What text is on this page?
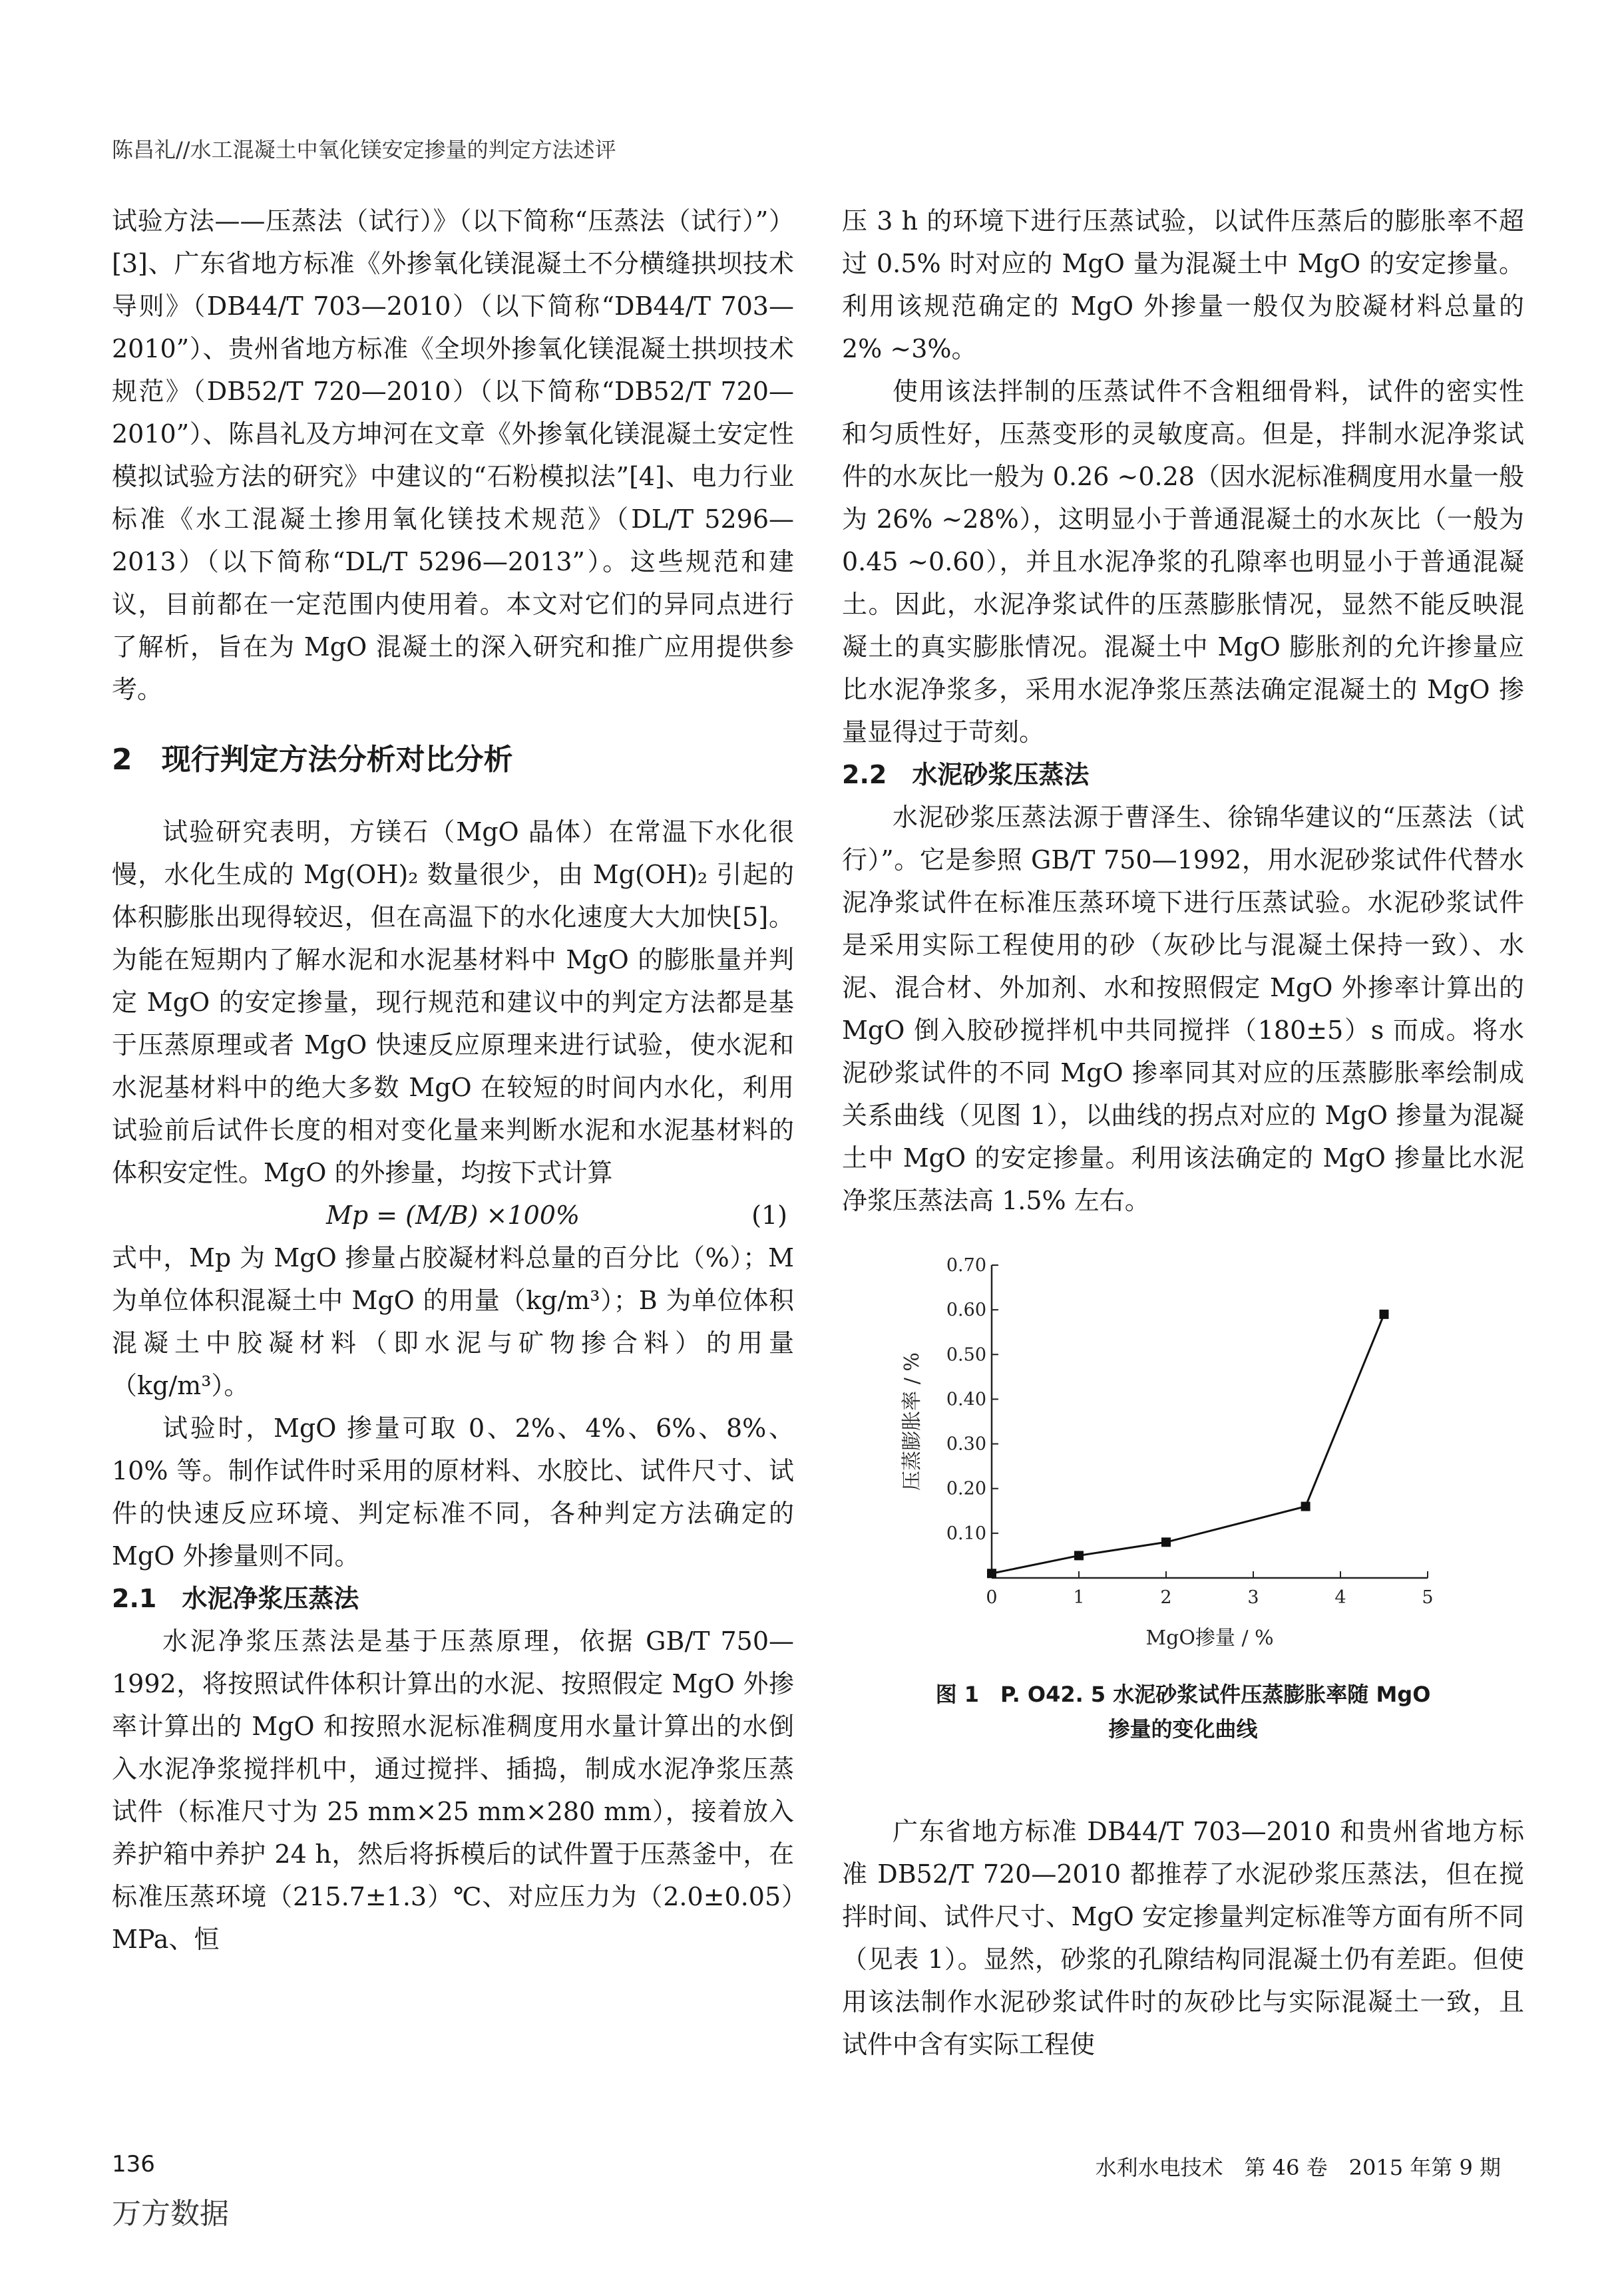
陈昌礼//水工混凝土中氧化镁安定掺量的判定方法述评

试验方法——压蒸法（试行）》（以下简称“压蒸法（试行）”）[3]、广东省地方标准《外掺氧化镁混凝土不分横缝拱坝技术导则》（DB44/T 703—2010）（以下简称“DB44/T 703—2010”）、贵州省地方标准《全坝外掺氧化镁混凝土拱坝技术规范》（DB52/T 720—2010）（以下简称“DB52/T 720—2010”）、陈昌礼及方坤河在文章《外掺氧化镁混凝土安定性模拟试验方法的研究》中建议的“石粉模拟法”[4]、电力行业标准《水工混凝土掺用氧化镁技术规范》（DL/T 5296—2013）（以下简称“DL/T 5296—2013”）。这些规范和建议，目前都在一定范围内使用着。本文对它们的异同点进行了解析，旨在为 MgO 混凝土的深入研究和推广应用提供参考。

2　现行判定方法分析对比分析

试验研究表明，方镁石（MgO 晶体）在常温下水化很慢，水化生成的 Mg(OH)₂ 数量很少，由 Mg(OH)₂ 引起的体积膨胀出现得较迟，但在高温下的水化速度大大加快[5]。为能在短期内了解水泥和水泥基材料中 MgO 的膨胀量并判定 MgO 的安定掺量，现行规范和建议中的判定方法都是基于压蒸原理或者 MgO 快速反应原理来进行试验，使水泥和水泥基材料中的绝大多数 MgO 在较短的时间内水化，利用试验前后试件长度的相对变化量来判断水泥和水泥基材料的体积安定性。MgO 的外掺量，均按下式计算

Mp = (M/B) ×100%	(1)

式中，Mp 为 MgO 掺量占胶凝材料总量的百分比（%）；M 为单位体积混凝土中 MgO 的用量（kg/m³）；B 为单位体积混凝土中胶凝材料（即水泥与矿物掺合料）的用量（kg/m³）。

试验时，MgO 掺量可取 0、2%、4%、6%、8%、10% 等。制作试件时采用的原材料、水胶比、试件尺寸、试件的快速反应环境、判定标准不同，各种判定方法确定的 MgO 外掺量则不同。

2.1　水泥净浆压蒸法

水泥净浆压蒸法是基于压蒸原理，依据 GB/T 750—1992，将按照试件体积计算出的水泥、按照假定 MgO 外掺率计算出的 MgO 和按照水泥标准稠度用水量计算出的水倒入水泥净浆搅拌机中，通过搅拌、插捣，制成水泥净浆压蒸试件（标准尺寸为 25 mm×25 mm×280 mm），接着放入养护箱中养护 24 h，然后将拆模后的试件置于压蒸釜中，在标准压蒸环境（215.7±1.3）℃、对应压力为（2.0±0.05）MPa、恒

压 3 h 的环境下进行压蒸试验，以试件压蒸后的膨胀率不超过 0.5% 时对应的 MgO 量为混凝土中 MgO 的安定掺量。利用该规范确定的 MgO 外掺量一般仅为胶凝材料总量的 2% ~3%。

使用该法拌制的压蒸试件不含粗细骨料，试件的密实性和匀质性好，压蒸变形的灵敏度高。但是，拌制水泥净浆试件的水灰比一般为 0.26 ~0.28（因水泥标准稠度用水量一般为 26% ~28%），这明显小于普通混凝土的水灰比（一般为 0.45 ~0.60），并且水泥净浆的孔隙率也明显小于普通混凝土。因此，水泥净浆试件的压蒸膨胀情况，显然不能反映混凝土的真实膨胀情况。混凝土中 MgO 膨胀剂的允许掺量应比水泥净浆多，采用水泥净浆压蒸法确定混凝土的 MgO 掺量显得过于苛刻。

2.2　水泥砂浆压蒸法

水泥砂浆压蒸法源于曹泽生、徐锦华建议的“压蒸法（试行）”。它是参照 GB/T 750—1992，用水泥砂浆试件代替水泥净浆试件在标准压蒸环境下进行压蒸试验。水泥砂浆试件是采用实际工程使用的砂（灰砂比与混凝土保持一致）、水泥、混合材、外加剂、水和按照假定 MgO 外掺率计算出的 MgO 倒入胶砂搅拌机中共同搅拌（180±5）s 而成。将水泥砂浆试件的不同 MgO 掺率同其对应的压蒸膨胀率绘制成关系曲线（见图 1），以曲线的拐点对应的 MgO 掺量为混凝土中 MgO 的安定掺量。利用该法确定的 MgO 掺量比水泥净浆压蒸法高 1.5% 左右。

0	1	2	3	4	5
0.10
0.20
0.30
0.40
0.50
0.60
0.70
MgO掺量 / %
压蒸膨胀率 / %
图 1　P. O42. 5 水泥砂浆试件压蒸膨胀率随 MgO
掺量的变化曲线

广东省地方标准 DB44/T 703—2010 和贵州省地方标准 DB52/T 720—2010 都推荐了水泥砂浆压蒸法，但在搅拌时间、试件尺寸、MgO 安定掺量判定标准等方面有所不同（见表 1）。显然，砂浆的孔隙结构同混凝土仍有差距。但使用该法制作水泥砂浆试件时的灰砂比与实际混凝土一致，且试件中含有实际工程使

136	水利水电技术　第 46 卷　2015 年第 9 期
万方数据
